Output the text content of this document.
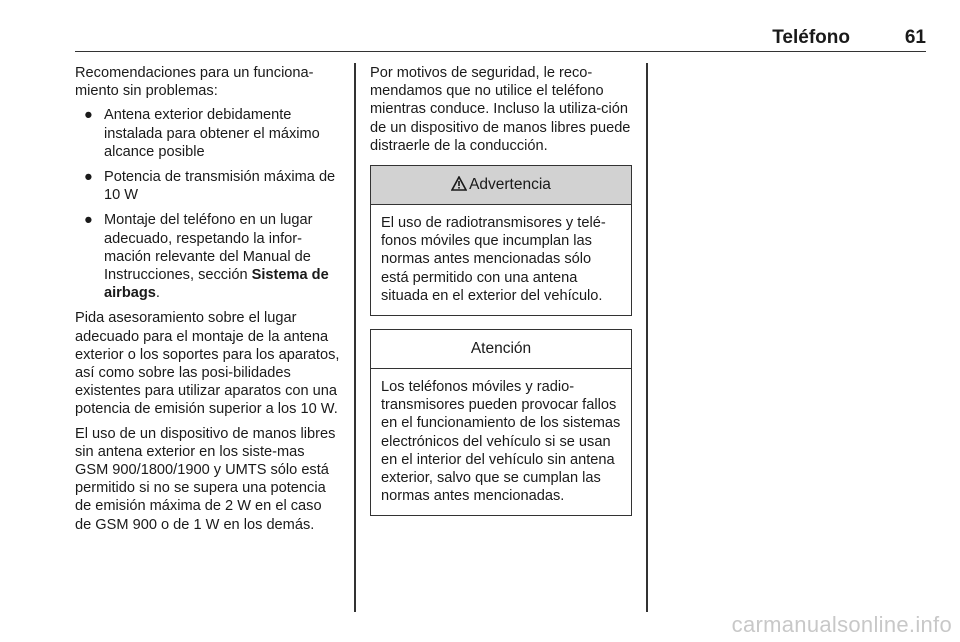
Teléfono	61

Recomendaciones para un funciona-miento sin problemas:

● Antena exterior debidamente instalada para obtener el máximo alcance posible
● Potencia de transmisión máxima de 10 W
● Montaje del teléfono en un lugar adecuado, respetando la infor-mación relevante del Manual de Instrucciones, sección Sistema de airbags.

Pida asesoramiento sobre el lugar adecuado para el montaje de la antena exterior o los soportes para los aparatos, así como sobre las posi-bilidades existentes para utilizar aparatos con una potencia de emisión superior a los 10 W.

El uso de un dispositivo de manos libres sin antena exterior en los siste-mas GSM 900/1800/1900 y UMTS sólo está permitido si no se supera una potencia de emisión máxima de 2 W en el caso de GSM 900 o de 1 W en los demás.

Por motivos de seguridad, le reco-mendamos que no utilice el teléfono mientras conduce. Incluso la utiliza-ción de un dispositivo de manos libres puede distraerle de la conducción.

Advertencia
El uso de radiotransmisores y telé-fonos móviles que incumplan las normas antes mencionadas sólo está permitido con una antena situada en el exterior del vehículo.
Atención
Los teléfonos móviles y radio-transmisores pueden provocar fallos en el funcionamiento de los sistemas electrónicos del vehículo si se usan en el interior del vehículo sin antena exterior, salvo que se cumplan las normas antes mencionadas.
carmanualsonline.info
